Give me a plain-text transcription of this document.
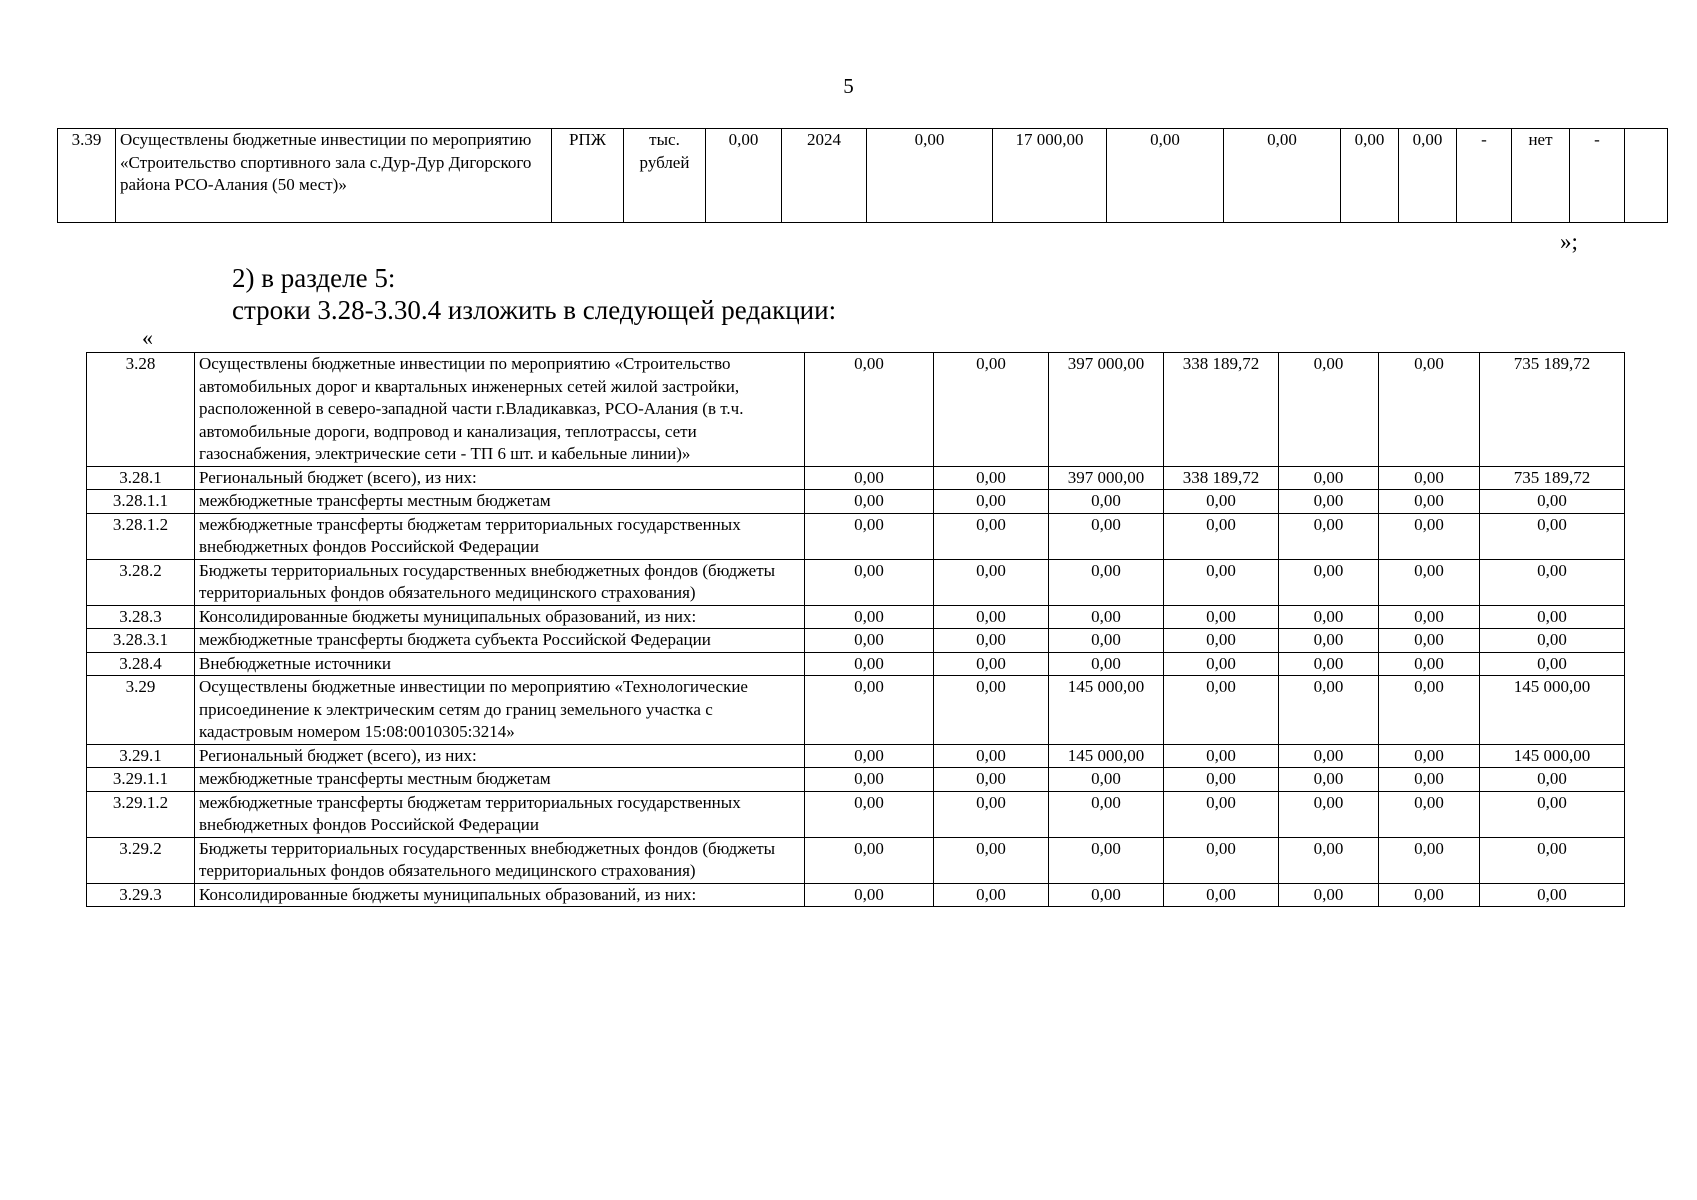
5
3.39	Осуществлены бюджетные инвестиции по мероприятию «Строительство спортивного зала с.Дур-Дур Дигорского района РСО-Алания (50 мест)»	РПЖ	тыс. рублей	0,00	2024	0,00	17 000,00	0,00	0,00	0,00	0,00	-	нет	-	
»;
2) в разделе 5:
строки 3.28-3.30.4 изложить в следующей редакции:
«
3.28	Осуществлены бюджетные инвестиции по мероприятию «Строительство автомобильных дорог и квартальных инженерных сетей жилой застройки, расположенной в северо-западной части г.Владикавказ, РСО-Алания (в т.ч. автомобильные дороги, водпровод и канализация, теплотрассы, сети газоснабжения, электрические сети - ТП 6 шт. и кабельные линии)»	0,00	0,00	397 000,00	338 189,72	0,00	0,00	735 189,72
3.28.1	Региональный бюджет (всего), из них:	0,00	0,00	397 000,00	338 189,72	0,00	0,00	735 189,72
3.28.1.1	межбюджетные трансферты местным бюджетам	0,00	0,00	0,00	0,00	0,00	0,00	0,00
3.28.1.2	межбюджетные трансферты бюджетам территориальных государственных внебюджетных фондов Российской Федерации	0,00	0,00	0,00	0,00	0,00	0,00	0,00
3.28.2	Бюджеты территориальных государственных внебюджетных фондов (бюджеты территориальных фондов обязательного медицинского страхования)	0,00	0,00	0,00	0,00	0,00	0,00	0,00
3.28.3	Консолидированные бюджеты муниципальных образований, из них:	0,00	0,00	0,00	0,00	0,00	0,00	0,00
3.28.3.1	межбюджетные трансферты бюджета субъекта Российской Федерации	0,00	0,00	0,00	0,00	0,00	0,00	0,00
3.28.4	Внебюджетные источники	0,00	0,00	0,00	0,00	0,00	0,00	0,00
3.29	Осуществлены бюджетные инвестиции по мероприятию «Технологические присоединение к электрическим сетям до границ земельного участка с кадастровым номером 15:08:0010305:3214»	0,00	0,00	145 000,00	0,00	0,00	0,00	145 000,00
3.29.1	Региональный бюджет (всего), из них:	0,00	0,00	145 000,00	0,00	0,00	0,00	145 000,00
3.29.1.1	межбюджетные трансферты местным бюджетам	0,00	0,00	0,00	0,00	0,00	0,00	0,00
3.29.1.2	межбюджетные трансферты бюджетам территориальных государственных внебюджетных фондов Российской Федерации	0,00	0,00	0,00	0,00	0,00	0,00	0,00
3.29.2	Бюджеты территориальных государственных внебюджетных фондов (бюджеты территориальных фондов обязательного медицинского страхования)	0,00	0,00	0,00	0,00	0,00	0,00	0,00
3.29.3	Консолидированные бюджеты муниципальных образований, из них:	0,00	0,00	0,00	0,00	0,00	0,00	0,00
